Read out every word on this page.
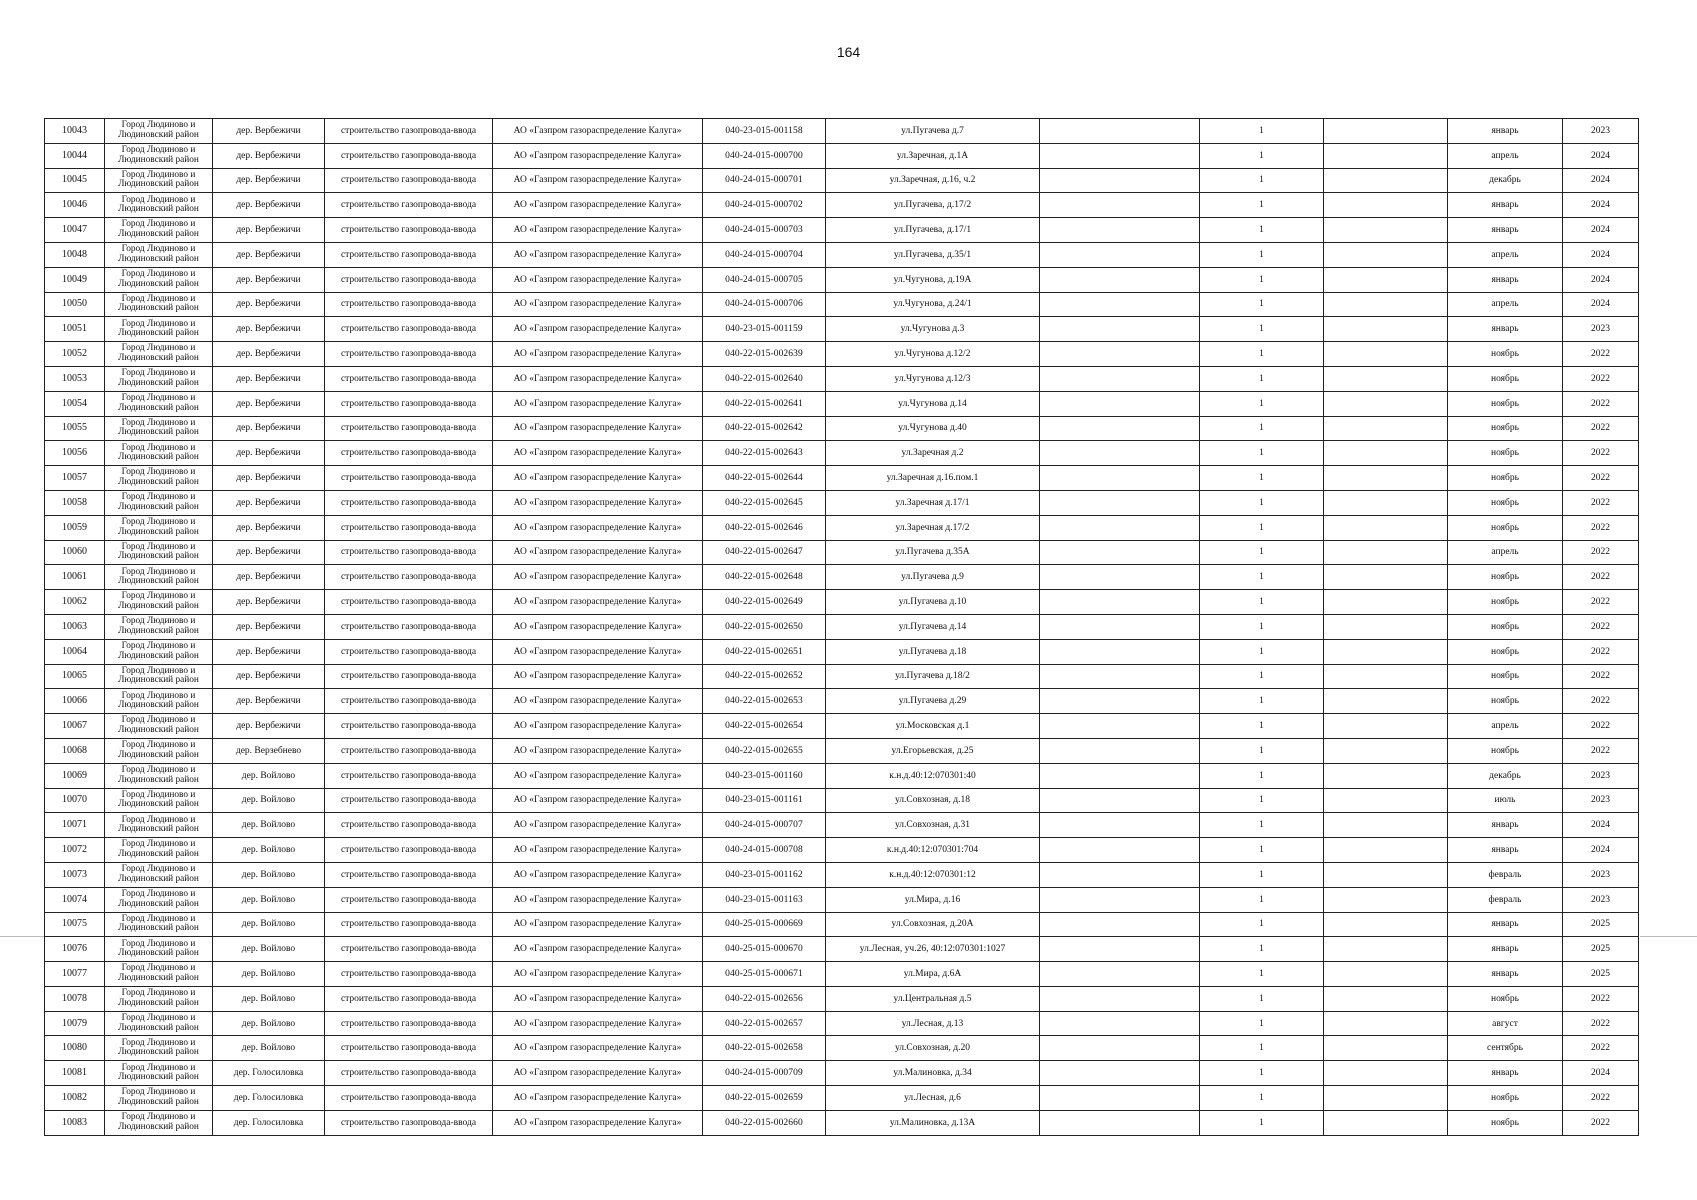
164
10043	Город Людиново и Людиновский район	дер. Вербежичи	строительство газопровода-ввода	АО «Газпром газораспределение Калуга»	040-23-015-001158	ул.Пугачева д.7		1		январь	2023
10044	Город Людиново и Людиновский район	дер. Вербежичи	строительство газопровода-ввода	АО «Газпром газораспределение Калуга»	040-24-015-000700	ул.Заречная, д.1А		1		апрель	2024
10045	Город Людиново и Людиновский район	дер. Вербежичи	строительство газопровода-ввода	АО «Газпром газораспределение Калуга»	040-24-015-000701	ул.Заречная, д.16, ч.2		1		декабрь	2024
10046	Город Людиново и Людиновский район	дер. Вербежичи	строительство газопровода-ввода	АО «Газпром газораспределение Калуга»	040-24-015-000702	ул.Пугачева, д.17/2		1		январь	2024
10047	Город Людиново и Людиновский район	дер. Вербежичи	строительство газопровода-ввода	АО «Газпром газораспределение Калуга»	040-24-015-000703	ул.Пугачева, д.17/1		1		январь	2024
10048	Город Людиново и Людиновский район	дер. Вербежичи	строительство газопровода-ввода	АО «Газпром газораспределение Калуга»	040-24-015-000704	ул.Пугачева, д.35/1		1		апрель	2024
10049	Город Людиново и Людиновский район	дер. Вербежичи	строительство газопровода-ввода	АО «Газпром газораспределение Калуга»	040-24-015-000705	ул.Чугунова, д.19А		1		январь	2024
10050	Город Людиново и Людиновский район	дер. Вербежичи	строительство газопровода-ввода	АО «Газпром газораспределение Калуга»	040-24-015-000706	ул.Чугунова, д.24/1		1		апрель	2024
10051	Город Людиново и Людиновский район	дер. Вербежичи	строительство газопровода-ввода	АО «Газпром газораспределение Калуга»	040-23-015-001159	ул.Чугунова д.3		1		январь	2023
10052	Город Людиново и Людиновский район	дер. Вербежичи	строительство газопровода-ввода	АО «Газпром газораспределение Калуга»	040-22-015-002639	ул.Чугунова д.12/2		1		ноябрь	2022
10053	Город Людиново и Людиновский район	дер. Вербежичи	строительство газопровода-ввода	АО «Газпром газораспределение Калуга»	040-22-015-002640	ул.Чугунова д.12/3		1		ноябрь	2022
10054	Город Людиново и Людиновский район	дер. Вербежичи	строительство газопровода-ввода	АО «Газпром газораспределение Калуга»	040-22-015-002641	ул.Чугунова д.14		1		ноябрь	2022
10055	Город Людиново и Людиновский район	дер. Вербежичи	строительство газопровода-ввода	АО «Газпром газораспределение Калуга»	040-22-015-002642	ул.Чугунова д.40		1		ноябрь	2022
10056	Город Людиново и Людиновский район	дер. Вербежичи	строительство газопровода-ввода	АО «Газпром газораспределение Калуга»	040-22-015-002643	ул.Заречная д.2		1		ноябрь	2022
10057	Город Людиново и Людиновский район	дер. Вербежичи	строительство газопровода-ввода	АО «Газпром газораспределение Калуга»	040-22-015-002644	ул.Заречная д.16.пом.1		1		ноябрь	2022
10058	Город Людиново и Людиновский район	дер. Вербежичи	строительство газопровода-ввода	АО «Газпром газораспределение Калуга»	040-22-015-002645	ул.Заречная д.17/1		1		ноябрь	2022
10059	Город Людиново и Людиновский район	дер. Вербежичи	строительство газопровода-ввода	АО «Газпром газораспределение Калуга»	040-22-015-002646	ул.Заречная д.17/2		1		ноябрь	2022
10060	Город Людиново и Людиновский район	дер. Вербежичи	строительство газопровода-ввода	АО «Газпром газораспределение Калуга»	040-22-015-002647	ул.Пугачева д.35А		1		апрель	2022
10061	Город Людиново и Людиновский район	дер. Вербежичи	строительство газопровода-ввода	АО «Газпром газораспределение Калуга»	040-22-015-002648	ул.Пугачева д.9		1		ноябрь	2022
10062	Город Людиново и Людиновский район	дер. Вербежичи	строительство газопровода-ввода	АО «Газпром газораспределение Калуга»	040-22-015-002649	ул.Пугачева д.10		1		ноябрь	2022
10063	Город Людиново и Людиновский район	дер. Вербежичи	строительство газопровода-ввода	АО «Газпром газораспределение Калуга»	040-22-015-002650	ул.Пугачева д.14		1		ноябрь	2022
10064	Город Людиново и Людиновский район	дер. Вербежичи	строительство газопровода-ввода	АО «Газпром газораспределение Калуга»	040-22-015-002651	ул.Пугачева д.18		1		ноябрь	2022
10065	Город Людиново и Людиновский район	дер. Вербежичи	строительство газопровода-ввода	АО «Газпром газораспределение Калуга»	040-22-015-002652	ул.Пугачева д.18/2		1		ноябрь	2022
10066	Город Людиново и Людиновский район	дер. Вербежичи	строительство газопровода-ввода	АО «Газпром газораспределение Калуга»	040-22-015-002653	ул.Пугачева д.29		1		ноябрь	2022
10067	Город Людиново и Людиновский район	дер. Вербежичи	строительство газопровода-ввода	АО «Газпром газораспределение Калуга»	040-22-015-002654	ул.Московская д.1		1		апрель	2022
10068	Город Людиново и Людиновский район	дер. Верзебнево	строительство газопровода-ввода	АО «Газпром газораспределение Калуга»	040-22-015-002655	ул.Егорьевская, д.25		1		ноябрь	2022
10069	Город Людиново и Людиновский район	дер. Войлово	строительство газопровода-ввода	АО «Газпром газораспределение Калуга»	040-23-015-001160	к.н.д.40:12:070301:40		1		декабрь	2023
10070	Город Людиново и Людиновский район	дер. Войлово	строительство газопровода-ввода	АО «Газпром газораспределение Калуга»	040-23-015-001161	ул.Совхозная, д.18		1		июль	2023
10071	Город Людиново и Людиновский район	дер. Войлово	строительство газопровода-ввода	АО «Газпром газораспределение Калуга»	040-24-015-000707	ул.Совхозная, д.31		1		январь	2024
10072	Город Людиново и Людиновский район	дер. Войлово	строительство газопровода-ввода	АО «Газпром газораспределение Калуга»	040-24-015-000708	к.н.д.40:12:070301:704		1		январь	2024
10073	Город Людиново и Людиновский район	дер. Войлово	строительство газопровода-ввода	АО «Газпром газораспределение Калуга»	040-23-015-001162	к.н.д.40:12:070301:12		1		февраль	2023
10074	Город Людиново и Людиновский район	дер. Войлово	строительство газопровода-ввода	АО «Газпром газораспределение Калуга»	040-23-015-001163	ул.Мира, д.16		1		февраль	2023
10075	Город Людиново и Людиновский район	дер. Войлово	строительство газопровода-ввода	АО «Газпром газораспределение Калуга»	040-25-015-000669	ул.Совхозная, д.20А		1		январь	2025
10076	Город Людиново и Людиновский район	дер. Войлово	строительство газопровода-ввода	АО «Газпром газораспределение Калуга»	040-25-015-000670	ул.Лесная, уч.26, 40:12:070301:1027		1		январь	2025
10077	Город Людиново и Людиновский район	дер. Войлово	строительство газопровода-ввода	АО «Газпром газораспределение Калуга»	040-25-015-000671	ул.Мира, д.6А		1		январь	2025
10078	Город Людиново и Людиновский район	дер. Войлово	строительство газопровода-ввода	АО «Газпром газораспределение Калуга»	040-22-015-002656	ул.Центральная д.5		1		ноябрь	2022
10079	Город Людиново и Людиновский район	дер. Войлово	строительство газопровода-ввода	АО «Газпром газораспределение Калуга»	040-22-015-002657	ул.Лесная, д.13		1		август	2022
10080	Город Людиново и Людиновский район	дер. Войлово	строительство газопровода-ввода	АО «Газпром газораспределение Калуга»	040-22-015-002658	ул.Совхозная, д.20		1		сентябрь	2022
10081	Город Людиново и Людиновский район	дер. Голосиловка	строительство газопровода-ввода	АО «Газпром газораспределение Калуга»	040-24-015-000709	ул.Малиновка, д.34		1		январь	2024
10082	Город Людиново и Людиновский район	дер. Голосиловка	строительство газопровода-ввода	АО «Газпром газораспределение Калуга»	040-22-015-002659	ул.Лесная, д.6		1		ноябрь	2022
10083	Город Людиново и Людиновский район	дер. Голосиловка	строительство газопровода-ввода	АО «Газпром газораспределение Калуга»	040-22-015-002660	ул.Малиновка, д.13А		1		ноябрь	2022
